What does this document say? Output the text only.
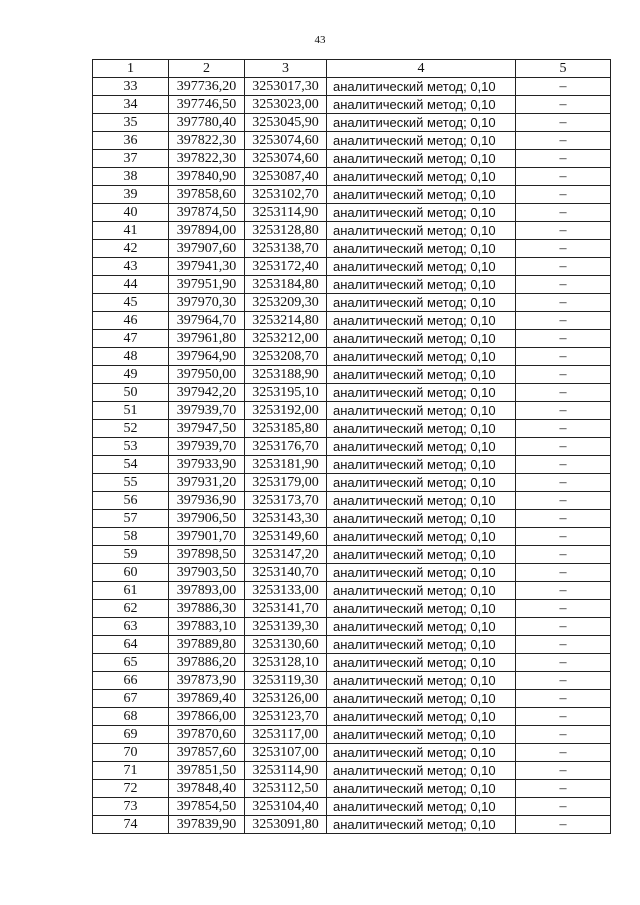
43
1	2	3	4	5
33	397736,20	3253017,30	аналитический метод; 0,10	–
34	397746,50	3253023,00	аналитический метод; 0,10	–
35	397780,40	3253045,90	аналитический метод; 0,10	–
36	397822,30	3253074,60	аналитический метод; 0,10	–
37	397822,30	3253074,60	аналитический метод; 0,10	–
38	397840,90	3253087,40	аналитический метод; 0,10	–
39	397858,60	3253102,70	аналитический метод; 0,10	–
40	397874,50	3253114,90	аналитический метод; 0,10	–
41	397894,00	3253128,80	аналитический метод; 0,10	–
42	397907,60	3253138,70	аналитический метод; 0,10	–
43	397941,30	3253172,40	аналитический метод; 0,10	–
44	397951,90	3253184,80	аналитический метод; 0,10	–
45	397970,30	3253209,30	аналитический метод; 0,10	–
46	397964,70	3253214,80	аналитический метод; 0,10	–
47	397961,80	3253212,00	аналитический метод; 0,10	–
48	397964,90	3253208,70	аналитический метод; 0,10	–
49	397950,00	3253188,90	аналитический метод; 0,10	–
50	397942,20	3253195,10	аналитический метод; 0,10	–
51	397939,70	3253192,00	аналитический метод; 0,10	–
52	397947,50	3253185,80	аналитический метод; 0,10	–
53	397939,70	3253176,70	аналитический метод; 0,10	–
54	397933,90	3253181,90	аналитический метод; 0,10	–
55	397931,20	3253179,00	аналитический метод; 0,10	–
56	397936,90	3253173,70	аналитический метод; 0,10	–
57	397906,50	3253143,30	аналитический метод; 0,10	–
58	397901,70	3253149,60	аналитический метод; 0,10	–
59	397898,50	3253147,20	аналитический метод; 0,10	–
60	397903,50	3253140,70	аналитический метод; 0,10	–
61	397893,00	3253133,00	аналитический метод; 0,10	–
62	397886,30	3253141,70	аналитический метод; 0,10	–
63	397883,10	3253139,30	аналитический метод; 0,10	–
64	397889,80	3253130,60	аналитический метод; 0,10	–
65	397886,20	3253128,10	аналитический метод; 0,10	–
66	397873,90	3253119,30	аналитический метод; 0,10	–
67	397869,40	3253126,00	аналитический метод; 0,10	–
68	397866,00	3253123,70	аналитический метод; 0,10	–
69	397870,60	3253117,00	аналитический метод; 0,10	–
70	397857,60	3253107,00	аналитический метод; 0,10	–
71	397851,50	3253114,90	аналитический метод; 0,10	–
72	397848,40	3253112,50	аналитический метод; 0,10	–
73	397854,50	3253104,40	аналитический метод; 0,10	–
74	397839,90	3253091,80	аналитический метод; 0,10	–
